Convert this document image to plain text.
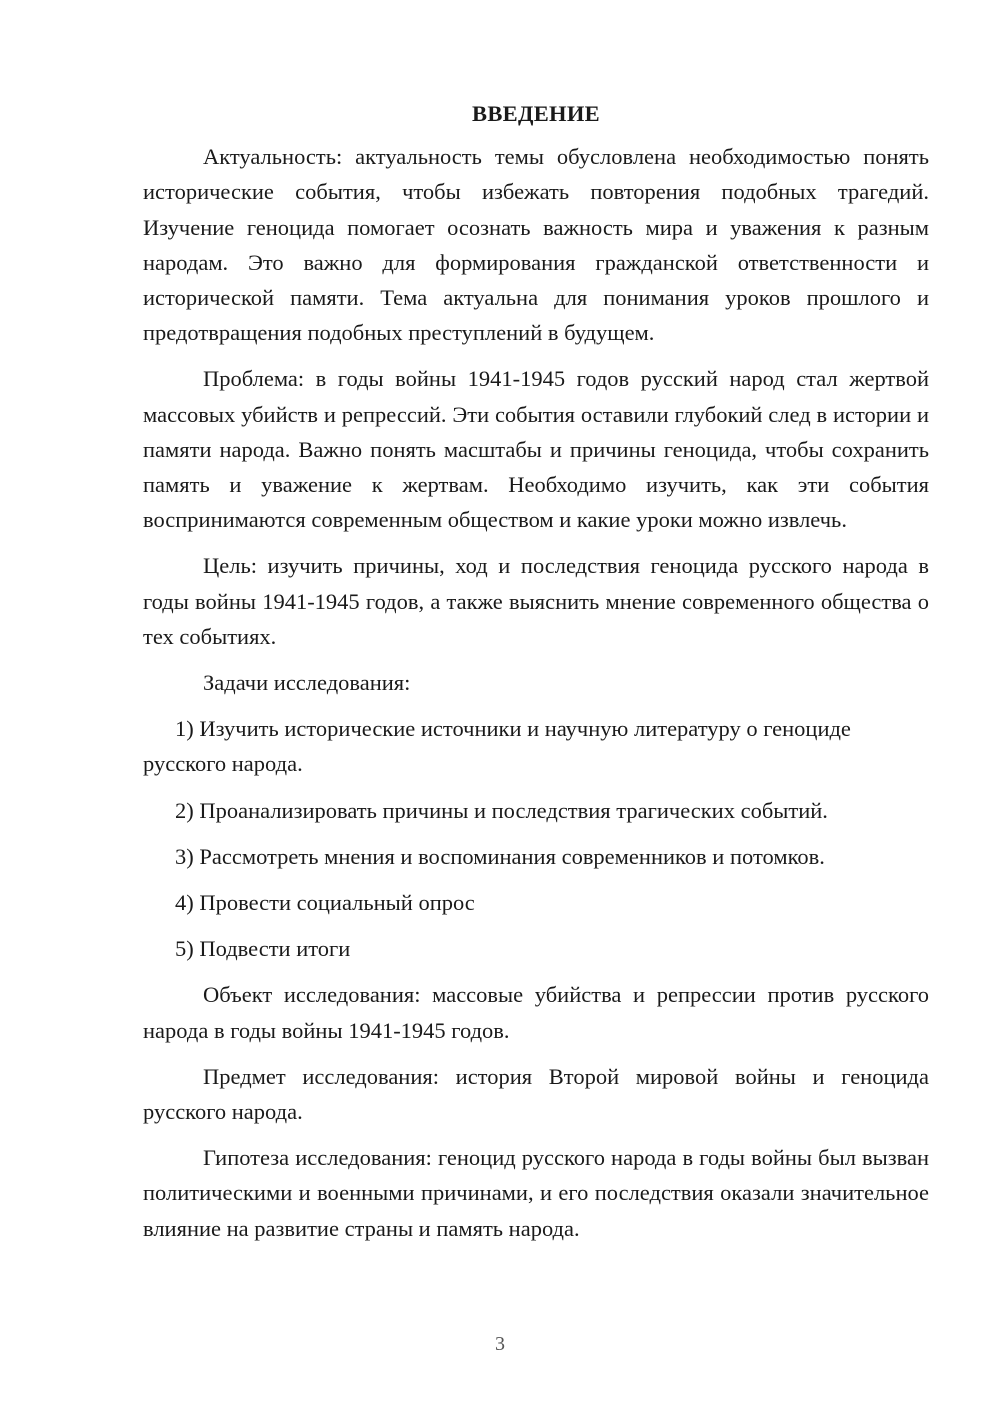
ВВЕДЕНИЕ

Актуальность: актуальность темы обусловлена необходимостью понять исторические события, чтобы избежать повторения подобных трагедий. Изучение геноцида помогает осознать важность мира и уважения к разным народам. Это важно для формирования гражданской ответственности и исторической памяти. Тема актуальна для понимания уроков прошлого и предотвращения подобных преступлений в будущем.

Проблема: в годы войны 1941-1945 годов русский народ стал жертвой массовых убийств и репрессий. Эти события оставили глубокий след в истории и памяти народа. Важно понять масштабы и причины геноцида, чтобы сохранить память и уважение к жертвам. Необходимо изучить, как эти события воспринимаются современным обществом и какие уроки можно извлечь.

Цель: изучить причины, ход и последствия геноцида русского народа в годы войны 1941-1945 годов, а также выяснить мнение современного общества о тех событиях.

Задачи исследования:

1) Изучить исторические источники и научную литературу о геноциде русского народа.

2) Проанализировать причины и последствия трагических событий.

3) Рассмотреть мнения и воспоминания современников и потомков.

4) Провести социальный опрос

5) Подвести итоги

Объект исследования: массовые убийства и репрессии против русского народа в годы войны 1941-1945 годов.

Предмет исследования: история Второй мировой войны и геноцида русского народа.

Гипотеза исследования: геноцид русского народа в годы войны был вызван политическими и военными причинами, и его последствия оказали значительное влияние на развитие страны и память народа.

3
